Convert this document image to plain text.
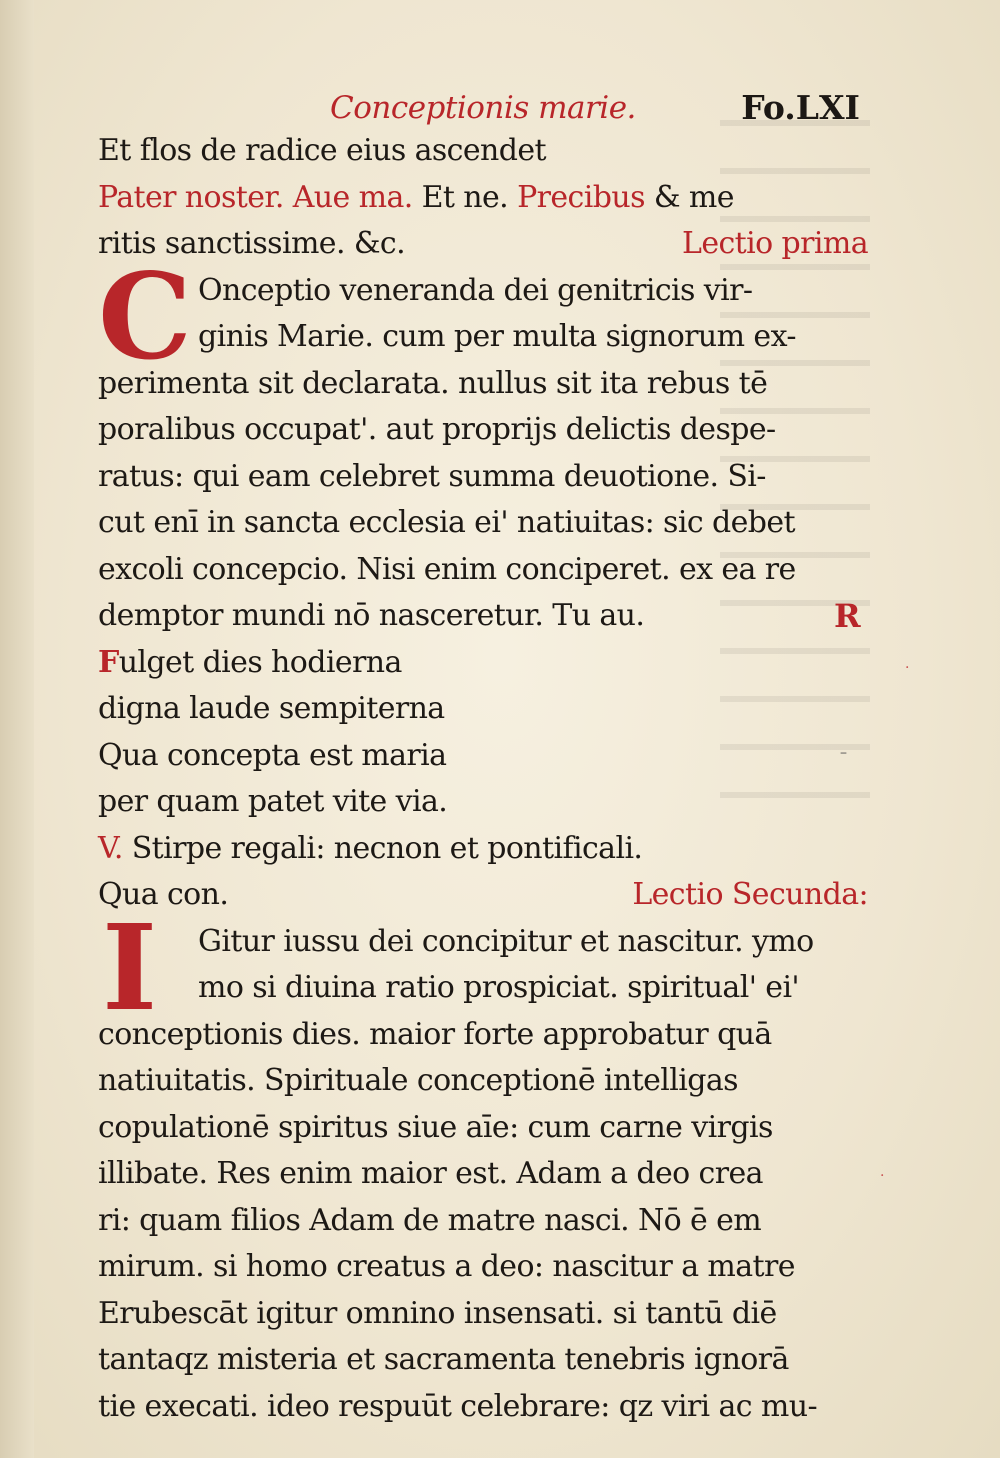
Conceptionis marie.	Fo.LXI
Et flos de radice eius ascendet
Pater noster. Aue ma. Et ne. Precibus & me
ritis sanctissime. &c.	Lectio prima
C Onceptio veneranda dei genitricis vir-
ginis Marie. cum per multa signorum ex-
perimenta sit declarata. nullus sit ita rebus tē
poralibus occupat'. aut proprijs delictis despe-
ratus: qui eam celebret summa deuotione. Si-
cut enī in sancta ecclesia ei' natiuitas: sic debet
excoli concepcio. Nisi enim conciperet. ex ea re
demptor mundi nō nasceretur. Tu au.	R
Fulget dies hodierna
digna laude sempiterna
Qua concepta est maria
per quam patet vite via.
V. Stirpe regali: necnon et pontificali.
Qua con.	Lectio Secunda:
I Gitur iussu dei concipitur et nascitur. ymo
mo si diuina ratio prospiciat. spiritual' ei'
conceptionis dies. maior forte approbatur quā
natiuitatis. Spirituale conceptionē intelligas
copulationē spiritus siue aīe: cum carne virgis
illibate. Res enim maior est. Adam a deo crea
ri: quam filios Adam de matre nasci. Nō ē em
mirum. si homo creatus a deo: nascitur a matre
Erubescāt igitur omnino insensati. si tantū diē
tantaqz misteria et sacramenta tenebris ignorā
tie execati. ideo respuūt celebrare: qz viri ac mu-
·
·
–
